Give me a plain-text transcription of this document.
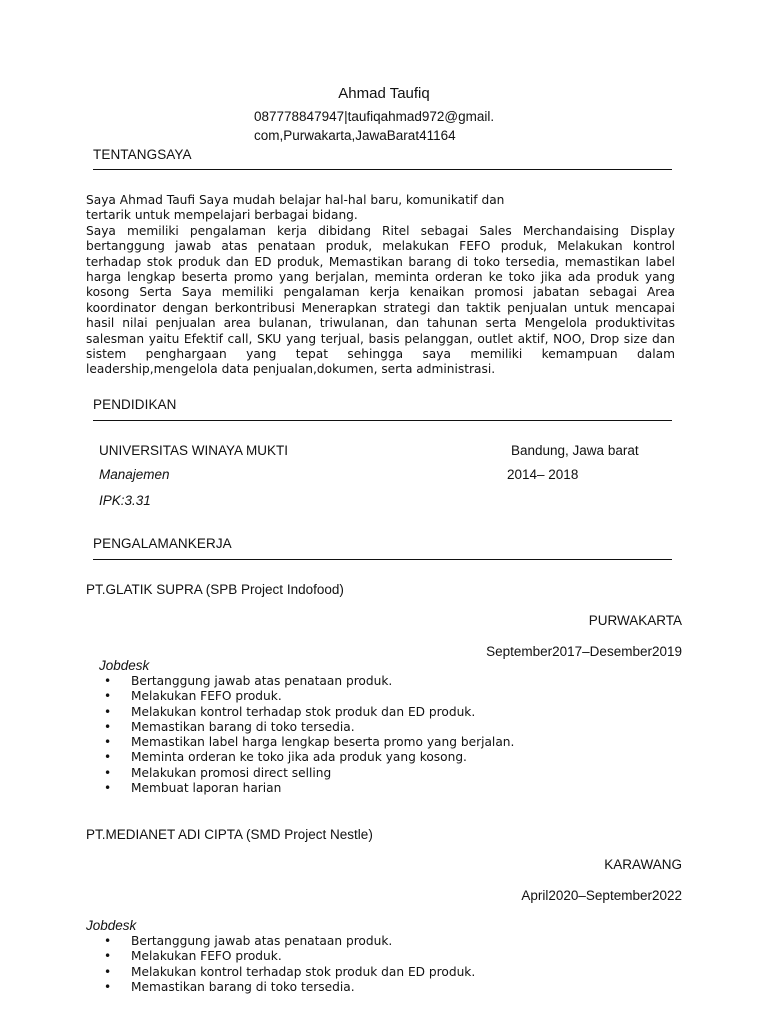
Ahmad Taufiq
087778847947|taufiqahmad972@gmail.
com,Purwakarta,JawaBarat41164
TENTANGSAYA

Saya Ahmad Taufi Saya mudah belajar hal-hal baru, komunikatif dan

tertarik untuk mempelajari berbagai bidang.

Saya memiliki pengalaman kerja dibidang Ritel sebagai Sales Merchandaising Display bertanggung jawab atas penataan produk, melakukan FEFO produk, Melakukan kontrol terhadap stok produk dan ED produk, Memastikan barang di toko tersedia, memastikan label harga lengkap beserta promo yang berjalan, meminta orderan ke toko jika ada produk yang kosong Serta Saya memiliki pengalaman kerja kenaikan promosi jabatan sebagai Area koordinator dengan berkontribusi Menerapkan strategi dan taktik penjualan untuk mencapai hasil nilai penjualan area bulanan, triwulanan, dan tahunan serta Mengelola produktivitas salesman yaitu Efektif call, SKU yang terjual, basis pelanggan, outlet aktif, NOO, Drop size dan sistem penghargaan yang tepat sehingga saya memiliki kemampuan dalam leadership,mengelola data penjualan,dokumen, serta administrasi.

PENDIDIKAN
UNIVERSITAS WINAYA MUKTI	Bandung, Jawa barat
Manajemen	2014– 2018
IPK:3.31
PENGALAMANKERJA
PT.GLATIK SUPRA (SPB Project Indofood)
PURWAKARTA
September2017–Desember2019
Jobdesk
• Bertanggung jawab atas penataan produk.
• Melakukan FEFO produk.
• Melakukan kontrol terhadap stok produk dan ED produk.
• Memastikan barang di toko tersedia.
• Memastikan label harga lengkap beserta promo yang berjalan.
• Meminta orderan ke toko jika ada produk yang kosong.
• Melakukan promosi direct selling
• Membuat laporan harian
PT.MEDIANET ADI CIPTA (SMD Project Nestle)
KARAWANG
April2020–September2022
Jobdesk
• Bertanggung jawab atas penataan produk.
• Melakukan FEFO produk.
• Melakukan kontrol terhadap stok produk dan ED produk.
• Memastikan barang di toko tersedia.
